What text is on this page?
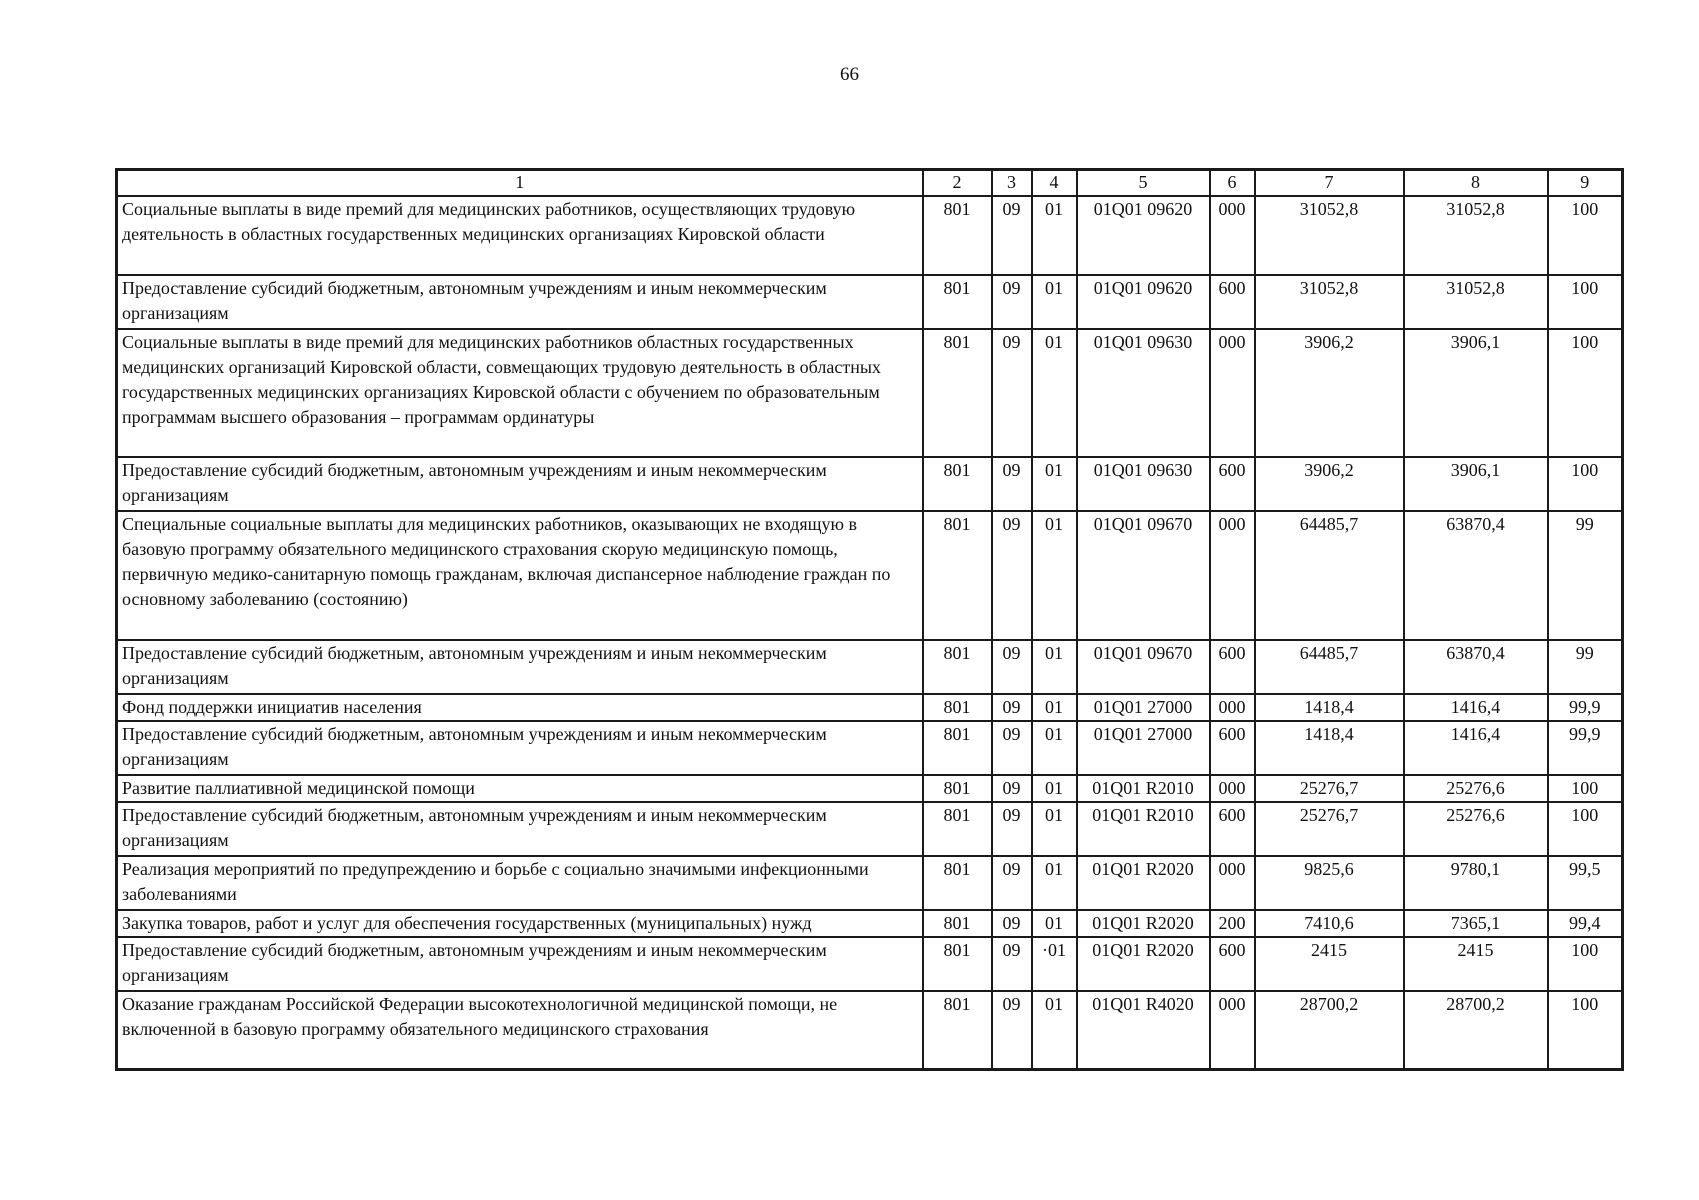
66
1	2	3	4	5	6	7	8	9
Социальные выплаты в виде премий для медицинских работников, осуществляющих трудовую деятельность в областных государственных медицинских организациях Кировской области	801	09	01	01Q01 09620	000	31052,8	31052,8	100
Предоставление субсидий бюджетным, автономным учреждениям и иным некоммерческим организациям	801	09	01	01Q01 09620	600	31052,8	31052,8	100
Социальные выплаты в виде премий для медицинских работников областных государственных медицинских организаций Кировской области, совмещающих трудовую деятельность в областных государственных медицинских организациях Кировской области с обучением по образовательным программам высшего образования – программам ординатуры	801	09	01	01Q01 09630	000	3906,2	3906,1	100
Предоставление субсидий бюджетным, автономным учреждениям и иным некоммерческим организациям	801	09	01	01Q01 09630	600	3906,2	3906,1	100
Специальные социальные выплаты для медицинских работников, оказывающих не входящую в базовую программу обязательного медицинского страхования скорую медицинскую помощь, первичную медико-санитарную помощь гражданам, включая диспансерное наблюдение граждан по основному заболеванию (состоянию)	801	09	01	01Q01 09670	000	64485,7	63870,4	99
Предоставление субсидий бюджетным, автономным учреждениям и иным некоммерческим организациям	801	09	01	01Q01 09670	600	64485,7	63870,4	99
Фонд поддержки инициатив населения	801	09	01	01Q01 27000	000	1418,4	1416,4	99,9
Предоставление субсидий бюджетным, автономным учреждениям и иным некоммерческим организациям	801	09	01	01Q01 27000	600	1418,4	1416,4	99,9
Развитие паллиативной медицинской помощи	801	09	01	01Q01 R2010	000	25276,7	25276,6	100
Предоставление субсидий бюджетным, автономным учреждениям и иным некоммерческим организациям	801	09	01	01Q01 R2010	600	25276,7	25276,6	100
Реализация мероприятий по предупреждению и борьбе с социально значимыми инфекционными заболеваниями	801	09	01	01Q01 R2020	000	9825,6	9780,1	99,5
Закупка товаров, работ и услуг для обеспечения государственных (муниципальных) нужд	801	09	01	01Q01 R2020	200	7410,6	7365,1	99,4
Предоставление субсидий бюджетным, автономным учреждениям и иным некоммерческим организациям	801	09	·01	01Q01 R2020	600	2415	2415	100
Оказание гражданам Российской Федерации высокотехнологичной медицинской помощи, не включенной в базовую программу обязательного медицинского страхования	801	09	01	01Q01 R4020	000	28700,2	28700,2	100
